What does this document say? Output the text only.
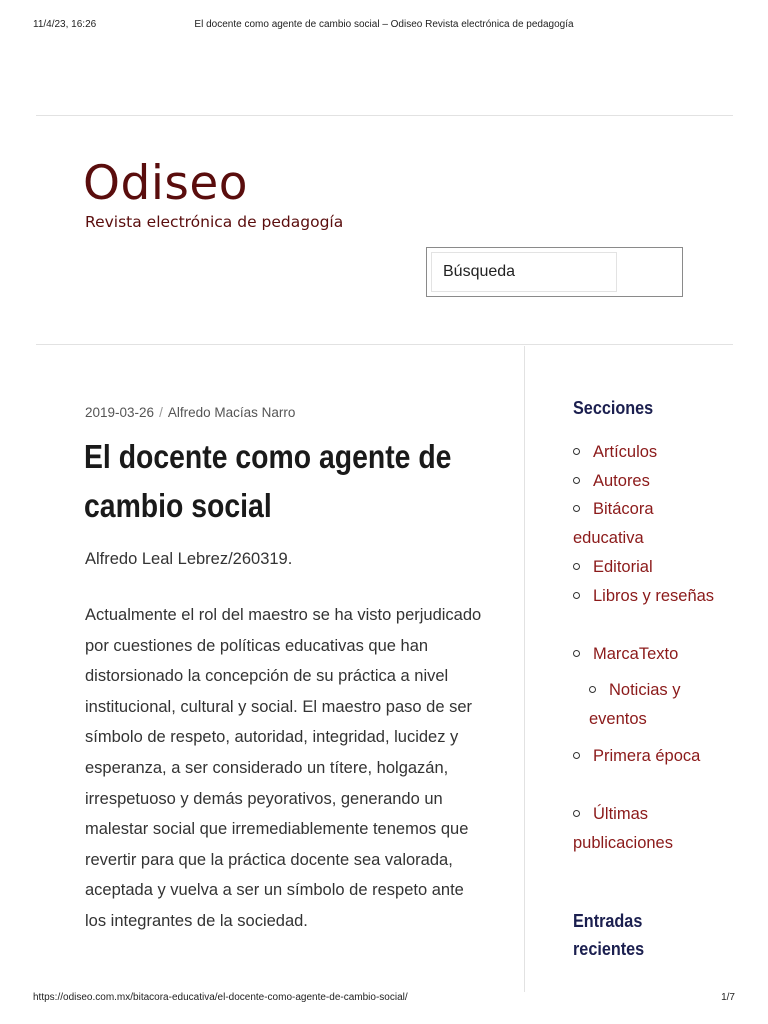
11/4/23, 16:26	El docente como agente de cambio social – Odiseo Revista electrónica de pedagogía
Odiseo
Revista electrónica de pedagogía
Búsqueda
2019-03-26 / Alfredo Macías Narro
El docente como agente de cambio social

Alfredo Leal Lebrez/260319.

Actualmente el rol del maestro se ha visto perjudicado por cuestiones de políticas educativas que han distorsionado la concepción de su práctica a nivel institucional, cultural y social. El maestro paso de ser símbolo de respeto, autoridad, integridad, lucidez y esperanza, a ser considerado un títere, holgazán, irrespetuoso y demás peyorativos, generando un malestar social que irremediablemente tenemos que revertir para que la práctica docente sea valorada, aceptada y vuelva a ser un símbolo de respeto ante los integrantes de la sociedad.

Secciones
Artículos
Autores
Bitácora educativa
Editorial
Libros y reseñas
MarcaTexto
Noticias y eventos
Primera época
Últimas publicaciones
Entradas recientes
https://odiseo.com.mx/bitacora-educativa/el-docente-como-agente-de-cambio-social/	1/7
